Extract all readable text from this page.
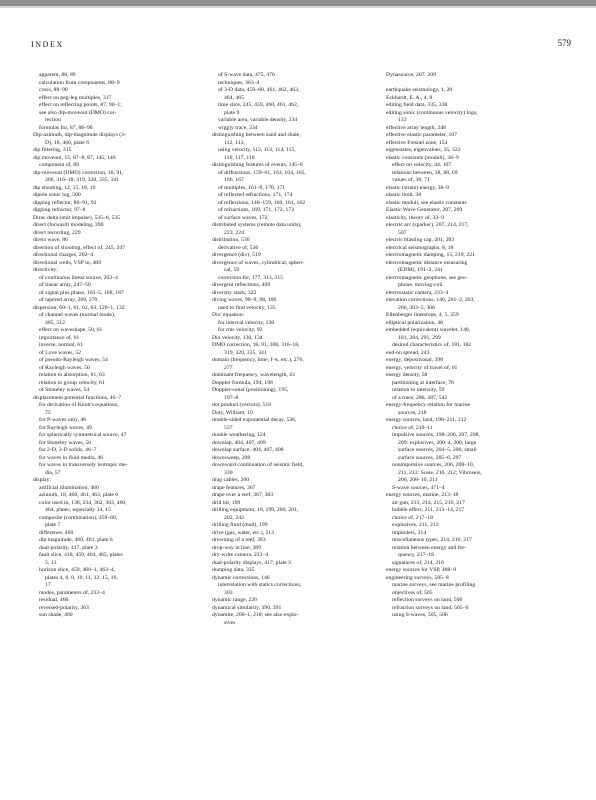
INDEX	579
apparent, 88, 89
calculation from components, 88–9
cross, 88–90
effect on peg-leg multiples, 317
effect on reflecting points, 87, 90–1;
see also dip-moveout (DMO) cor-
rection
formulas for, 87, 88–90
Dip-azimuth, dip-magnitude displays (3-
D), 18, 460, plate 6
dip filtering, 315
dip moveout, 15, 87–8, 87, 145, 146
component of, 89
dip-moveout (DMO) correction, 18, 91,
306, 316–18, 319, 320, 335, 341
dip shooting, 12, 15, 18, 19
dipole sonic log, 500
dipping reflector, 86–91, 92
dipping refractor, 97–8
Dirac delta (unit impulse), 535–6, 535
direct (forward) modeling, 390
direct recording, 229
direct wave, 86
direction of shooting, effect of, 245, 247
directional charges, 202–4
directional wells, VSP in, 489
directivity:
of continuous linear source, 203–4
of linear array, 247–50
of signal plus phase, 163–5, 168, 187
of tapered array, 269, 270
dispersion, 60–1, 61, 62, 63, 120–1, 132
of channel waves (normal mode),
485, 512
effect on waveshape, 50, 61
importance of, 61
inverse, normal, 61
of Love waves, 52
of pseudo-Rayleigh waves, 54
of Rayleigh waves, 50
relation to absorption, 61, 63
relation to group velocity, 61
of Stoneley waves, 54
displacement potential functions, 46–7
for derivation of Knott's equations,
75
for P-waves only, 46
for Rayleigh waves, 49
for spherically symmetrical source, 47
for Stoneley waves, 50
for 2-D, 3-D solids, 46–7
for waves in fluid media, 46
for waves in transversely isotropic me-
dia, 57
display:
artificial illumination, 460
azimuth, 18, 460, 461, 463, plate 6
color used in, 138, 234, 362, 363, 460,
464, plates, especially 14, 15
composite (combination), 459–60,
plate 7
difference, 460
dip magnitude, 460, 461, plate 6
dual-polarity, 417, plate 3
fault slice, 418, 459, 464, 465, plates
5, 13
horizon slice, 459, 460–1, 463–4,
plates 4, 6, 8, 10, 11, 12, 15, 16,
17
modes, parameters of, 233–4
residual, 460
reversed-polarity, 363
sun shade, 460
of S-wave data, 475, 476
techniques, 363–4
of 3-D data, 459–60, 461, 462, 463,
464, 465
time slice, 245, 459, 460, 461, 462,
plate 9
variable area, variable density, 234
wiggly trace, 234
distinguishing between sand and shale,
112, 113,
using velocity, 112, 113, 114, 115,
116, 117, 118
distinguishing features of events, 145–6
of diffractions, 159–61, 163, 164, 165,
166, 167
of multiples, 161–9, 170, 171
of reflected refractions, 171, 174
of reflections, 146–159, 160, 161, 162
of refractions, 169, 171, 172, 173
of surface waves, 172
distributed systems (remote data units),
223, 224
distribution, 536
derivative of, 536
divergence (div), 519
divergence of waves, cylindrical, spheri-
cal, 59
correction for, 177, 313, 315
divergent reflections, 409
diversity stack, 322
diving waves, 98–9, 98, 100
used to find velocity, 135
Dix' equation:
for interval velocity, 130
for rms velocity, 92
Dix velocity, 130, 134
DMO correction, 18, 91, 306, 316–18,
319, 320, 335, 341
domain (frequency, time, f–k, etc.), 276,
277
dominant frequency, wavelength, 43
Doppler formula, 194, 198
Doppler-sonar (positioning), 195,
197–8
dot product (vectors), 518
Doty, William, 19
double-sided exponential decay, 536,
537
double weathering, 124
downlap, 404, 407, 409
downlap surface, 404, 407, 408
downsweep, 208
downward continuation of seismic field,
330
drag cables, 260
drape features, 367
drape over a reef, 367, 383
drill bit, 199
drilling equipment, 18, 199, 200, 201,
202, 242
drilling fluid (mud), 199
drive (gas, water, etc.), 513
drowning of a reef, 383
drop-way in line, 389
dry-write camera, 233–4
dual-polarity displays, 417, plate 3
dumping data, 335
dynamic corrections, 146
interrelation with statics corrections,
303
dynamic range, 226
dynamical similarity, 390, 391
dynamite, 200–1, 218; see also explo-
sives
Dynasource, 207, 209

earthquake seismology, 1, 28
Eckhardt, E. A., 4, 8
editing field data, 335, 338
editing sonic (continuous velocity) logs,
133
effective array length, 248
effective elastic parameter, 107
effective Fresnel zone, 154
eigenstates, eigenvalues, 35, 522
elastic constants (moduli), 38–9
effect on velocity, 44, 107
relations between, 38, 68, 69
values of, 38, 71
elastic (strain) energy, 38–9
elastic limit, 38
elastic moduli, see elastic constants
Elastic Wave Generator, 207, 209
elasticity, theory of, 33–9
electric arc (sparker), 207, 214, 217,
507
electric blasting cap, 201, 203
electrical seismographs, 8, 18
electromagnetic damping, 15, 219, 221
electromagnetic distance measuring
(EDM), 191–2, 241
electromagnetic geophone, see geo-
phone, moving-coil
electrostatic camera, 233–4
elevation corrections, 146, 261–2, 263,
266, 303–5, 306
Ellenberger limestone, 4, 5, 359
elliptical polarization, 46
embedded (equivalent) wavelet, 148,
181, 284, 291, 299
desired characteristics of, 181, 182
end-on spread, 243
energy, depositional, 398
energy, velocity of travel of, 61
energy density, 58
partitioning at interface, 76
relation to intensity, 59
of a trace, 286, 287, 542
energy-frequency relation for marine
sources, 218
energy sources, land, 198–211, 212
choice of, 210–11
impulsive sources, 198–206, 207, 208,
209: explosives, 200–4, 206; large
surface sources, 204–5, 206; small
surface sources, 205–6, 207
nonimpulsive sources, 206, 208–10,
211, 212: Sosie, 210, 212; Vibroseis,
206, 208–10, 211
S-wave sources, 471–4
energy sources, marine, 213–18
air gun, 213, 214, 215, 216, 217
bubble effect, 211, 213–14, 217
choice of, 217–18
explosives, 211, 213
imploders, 214
miscellaneous types, 214, 216, 217
relation between energy and fre-
quency, 217–18
signatures of, 214, 216
energy sources for VSP, 488–9
engineering surveys, 505–8
marine surveys, see marine profiling
objectives of, 505
reflection surveys on land, 506
refraction surveys on land, 505–6
using S-waves, 505, 506
